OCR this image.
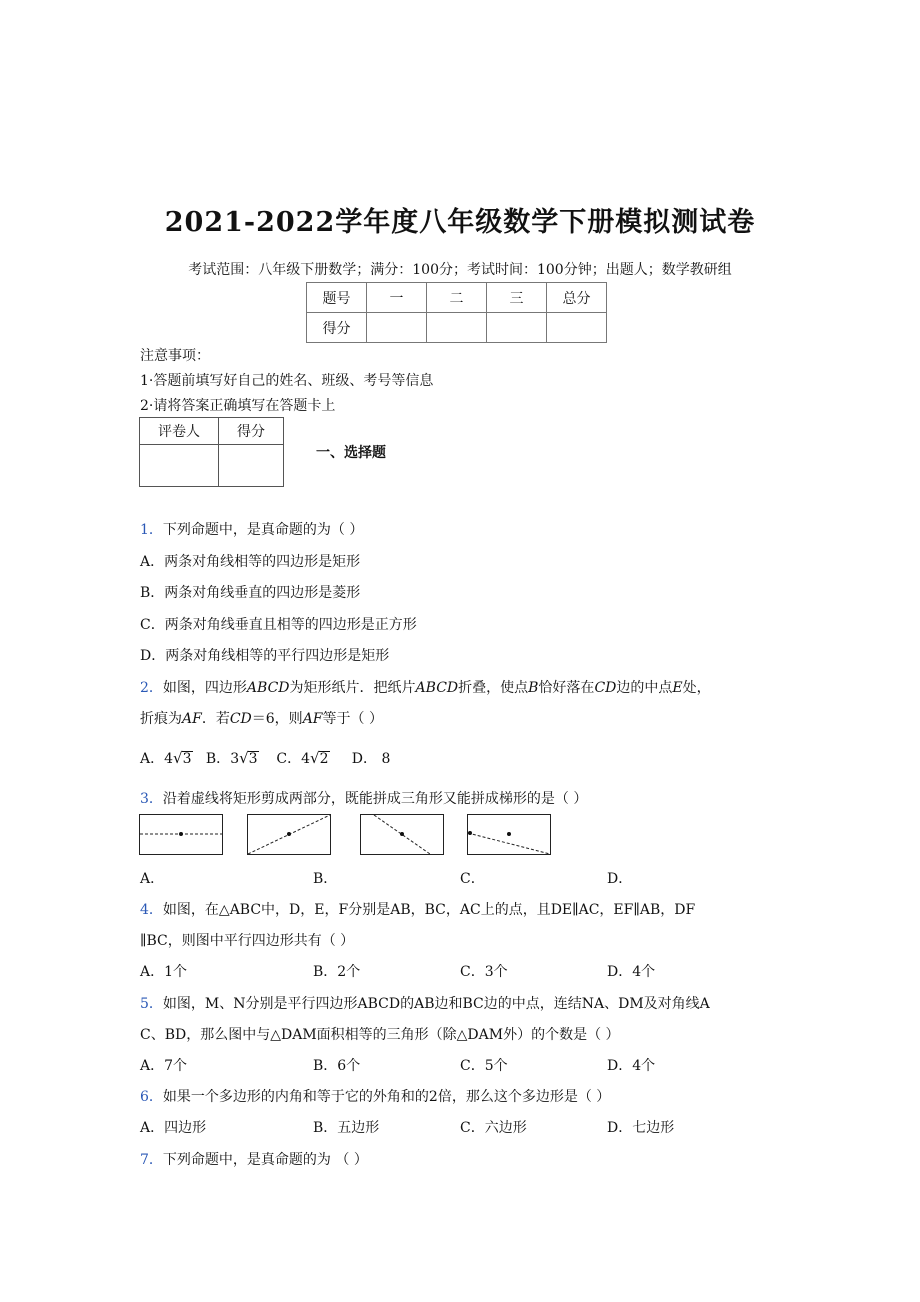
2021-2022学年度八年级数学下册模拟测试卷
考试范围：八年级下册数学；满分：100分；考试时间：100分钟；出题人；数学教研组
题号	一	二	三	总分
得分				
注意事项：
1·答题前填写好自己的姓名、班级、考号等信息
2·请将答案正确填写在答题卡上
评卷人	得分

一、选择题
1．下列命题中，是真命题的为（ ）
A．两条对角线相等的四边形是矩形
B．两条对角线垂直的四边形是菱形
C．两条对角线垂直且相等的四边形是正方形
D．两条对角线相等的平行四边形是矩形
2．如图，四边形ABCD为矩形纸片．把纸片ABCD折叠，使点B恰好落在CD边的中点E处，
折痕为AF．若CD＝6，则AF等于（ ）
A．4√3 B．3√3 C．4√2 D． 8
3．沿着虚线将矩形剪成两部分，既能拼成三角形又能拼成梯形的是（ ）
A．	B．	C．	D．
4．如图，在△ABC中，D，E，F分别是AB，BC，AC上的点，且DE∥AC，EF∥AB，DF
∥BC，则图中平行四边形共有（ ）
A．1个	B．2个	C．3个	D．4个
5．如图，M、N分别是平行四边形ABCD的AB边和BC边的中点，连结NA、DM及对角线A
C、BD，那么图中与△DAM面积相等的三角形（除△DAM外）的个数是（ ）
A．7个	B．6个	C．5个	D．4个
6．如果一个多边形的内角和等于它的外角和的2倍，那么这个多边形是（ ）
A．四边形	B．五边形	C．六边形	D．七边形
7．下列命题中，是真命题的为 （ ）
